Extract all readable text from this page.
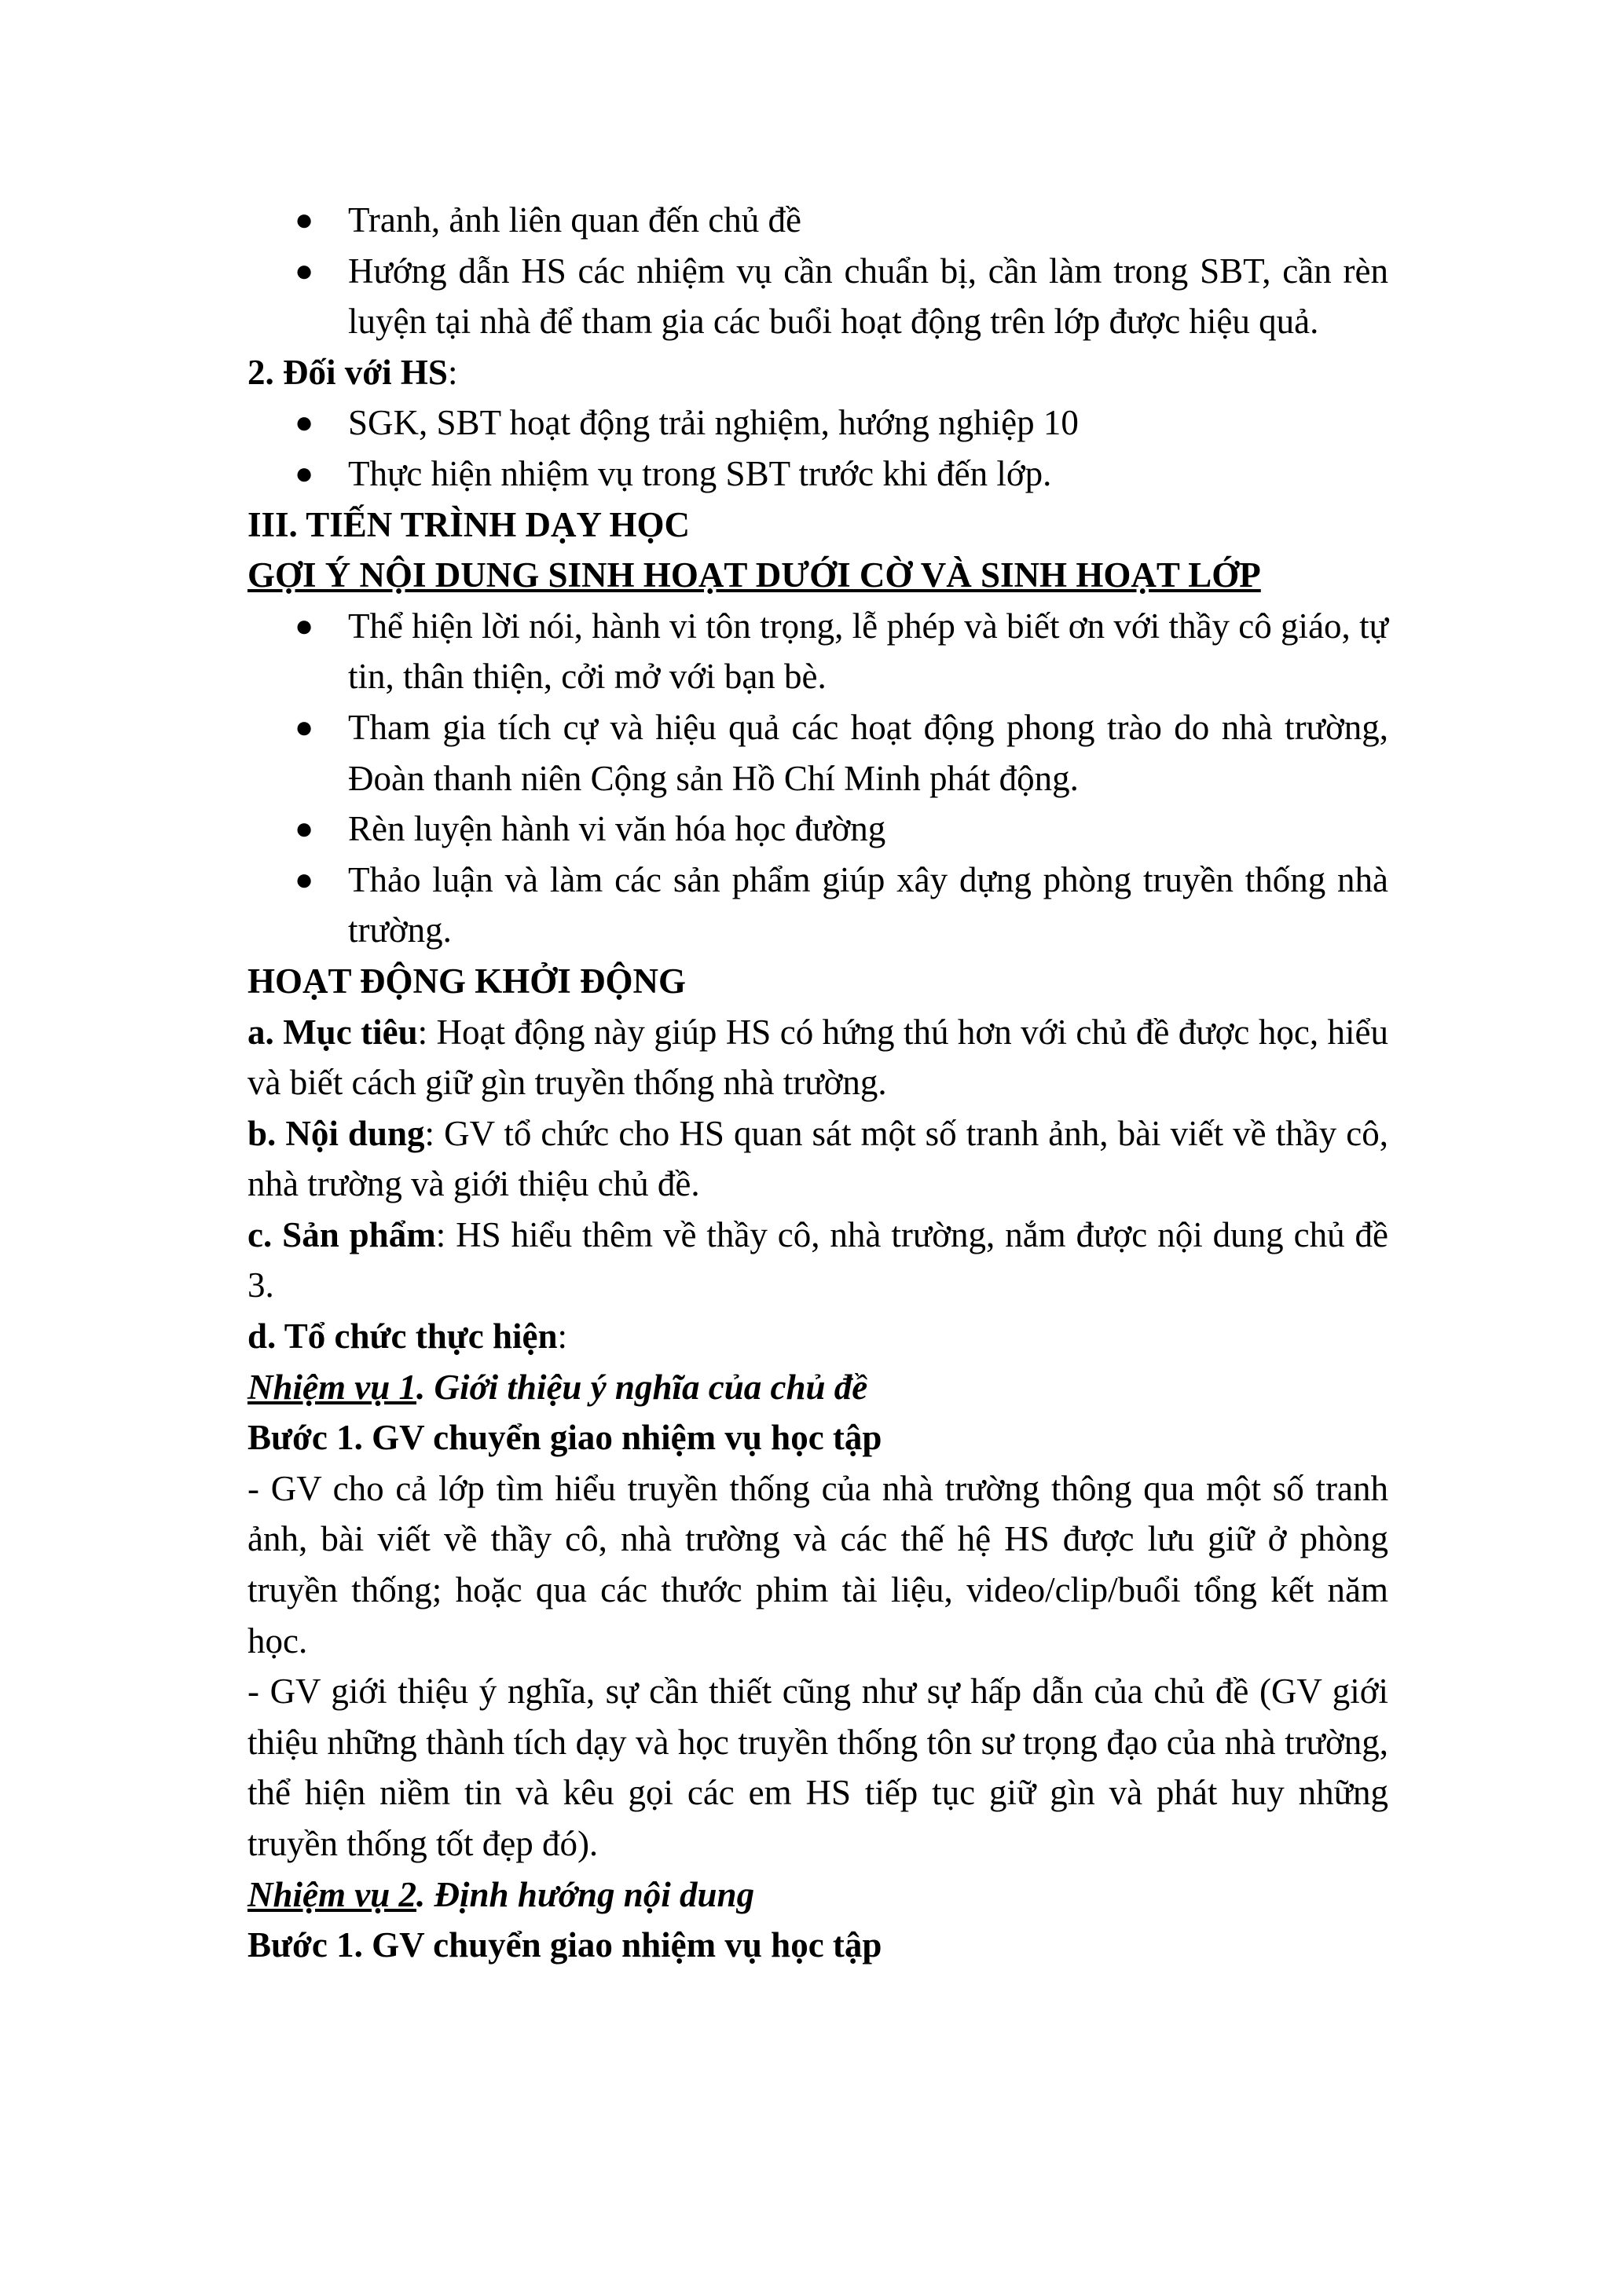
● Tranh, ảnh liên quan đến chủ đề
● Hướng dẫn HS các nhiệm vụ cần chuẩn bị, cần làm trong SBT, cần rèn luyện tại nhà để tham gia các buổi hoạt động trên lớp được hiệu quả.

2. Đối với HS:

● SGK, SBT hoạt động trải nghiệm, hướng nghiệp 10
● Thực hiện nhiệm vụ trong SBT trước khi đến lớp.

III. TIẾN TRÌNH DẠY HỌC

GỢI Ý NỘI DUNG SINH HOẠT DƯỚI CỜ VÀ SINH HOẠT LỚP

● Thể hiện lời nói, hành vi tôn trọng, lễ phép và biết ơn với thầy cô giáo, tự tin, thân thiện, cởi mở với bạn bè.
● Tham gia tích cự và hiệu quả các hoạt động phong trào do nhà trường, Đoàn thanh niên Cộng sản Hồ Chí Minh phát động.
● Rèn luyện hành vi văn hóa học đường
● Thảo luận và làm các sản phẩm giúp xây dựng phòng truyền thống nhà trường.

HOẠT ĐỘNG KHỞI ĐỘNG

a. Mục tiêu: Hoạt động này giúp HS có hứng thú hơn với chủ đề được học, hiểu và biết cách giữ gìn truyền thống nhà trường.

b. Nội dung: GV tổ chức cho HS quan sát một số tranh ảnh, bài viết về thầy cô, nhà trường và giới thiệu chủ đề.

c. Sản phẩm: HS hiểu thêm về thầy cô, nhà trường, nắm được nội dung chủ đề 3.

d. Tổ chức thực hiện:

Nhiệm vụ 1. Giới thiệu ý nghĩa của chủ đề

Bước 1. GV chuyển giao nhiệm vụ học tập

- GV cho cả lớp tìm hiểu truyền thống của nhà trường thông qua một số tranh ảnh, bài viết về thầy cô, nhà trường và các thế hệ HS được lưu giữ ở phòng truyền thống; hoặc qua các thước phim tài liệu, video/clip/buổi tổng kết năm học.

- GV giới thiệu ý nghĩa, sự cần thiết cũng như sự hấp dẫn của chủ đề (GV giới thiệu những thành tích dạy và học truyền thống tôn sư trọng đạo của nhà trường, thể hiện niềm tin và kêu gọi các em HS tiếp tục giữ gìn và phát huy những truyền thống tốt đẹp đó).

Nhiệm vụ 2. Định hướng nội dung

Bước 1. GV chuyển giao nhiệm vụ học tập
